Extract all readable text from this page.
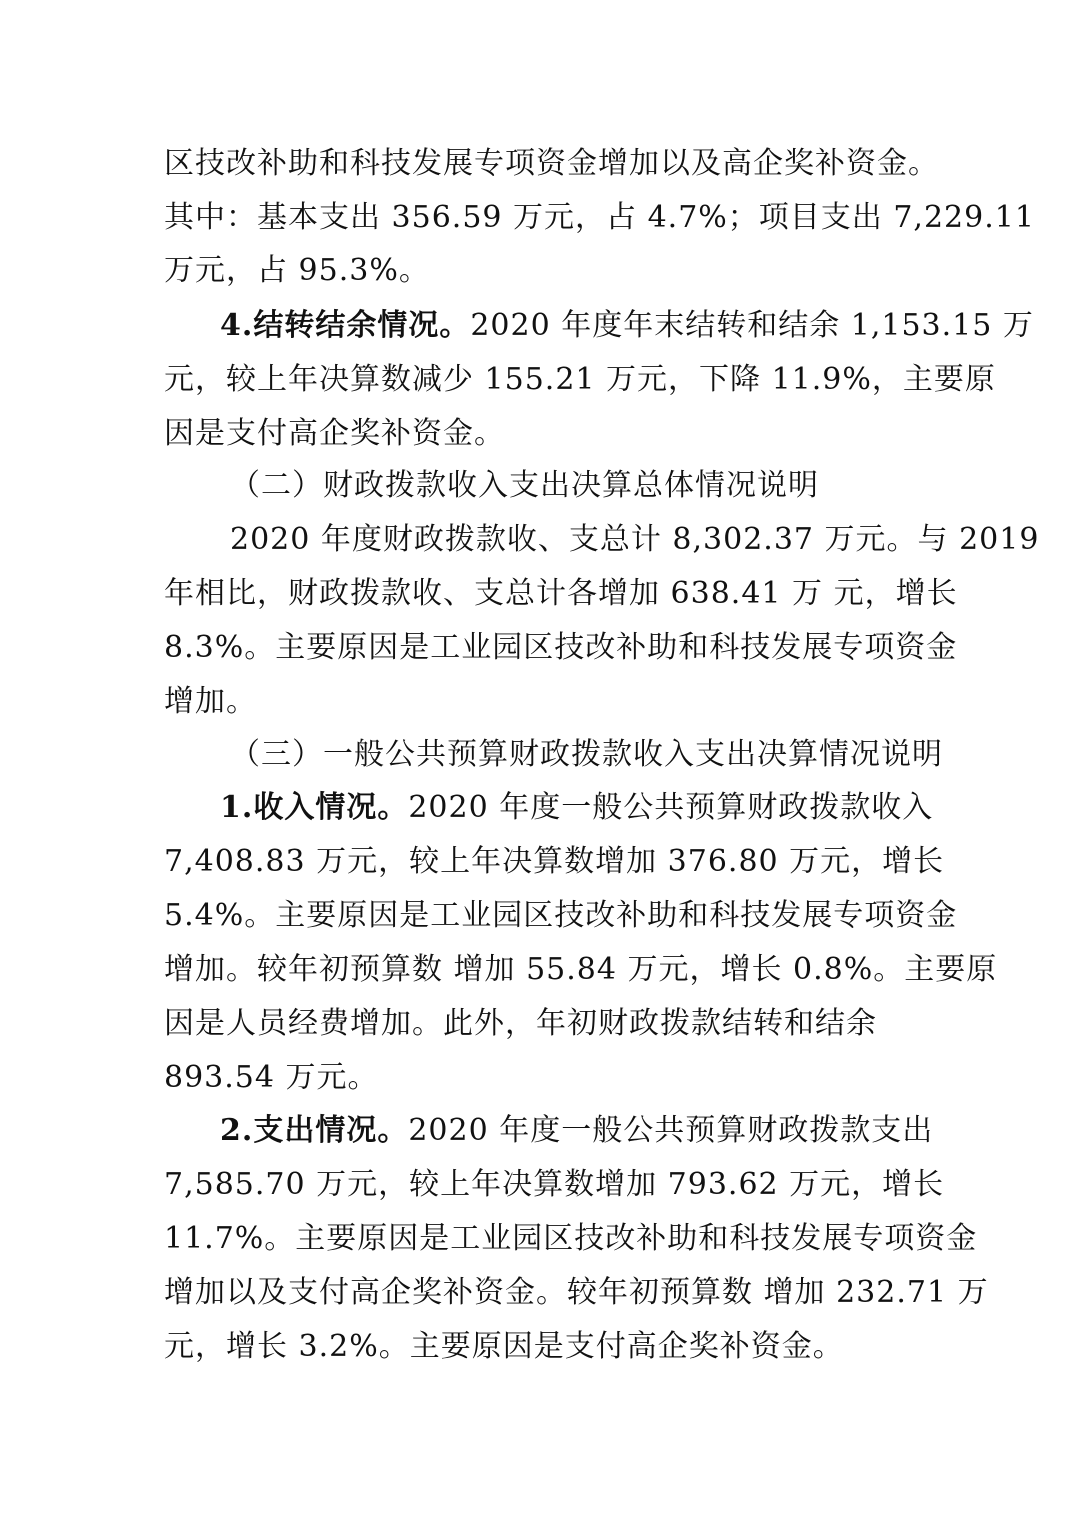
区技改补助和科技发展专项资金增加以及高企奖补资金。
其中：基本支出 356.59 万元，占 4.7%；项目支出 7,229.11
万元，占 95.3%。
4.结转结余情况。2020 年度年末结转和结余 1,153.15 万
元，较上年决算数减少 155.21 万元，下降 11.9%，主要原
因是支付高企奖补资金。
（二）财政拨款收入支出决算总体情况说明
2020 年度财政拨款收、支总计 8,302.37 万元。与 2019
年相比，财政拨款收、支总计各增加 638.41 万 元，增长
8.3%。主要原因是工业园区技改补助和科技发展专项资金
增加。
（三）一般公共预算财政拨款收入支出决算情况说明
1.收入情况。2020 年度一般公共预算财政拨款收入
7,408.83 万元，较上年决算数增加 376.80 万元，增长
5.4%。主要原因是工业园区技改补助和科技发展专项资金
增加。较年初预算数 增加 55.84 万元，增长 0.8%。主要原
因是人员经费增加。此外，年初财政拨款结转和结余
893.54 万元。
2.支出情况。2020 年度一般公共预算财政拨款支出
7,585.70 万元，较上年决算数增加 793.62 万元，增长
11.7%。主要原因是工业园区技改补助和科技发展专项资金
增加以及支付高企奖补资金。较年初预算数 增加 232.71 万
元，增长 3.2%。主要原因是支付高企奖补资金。
